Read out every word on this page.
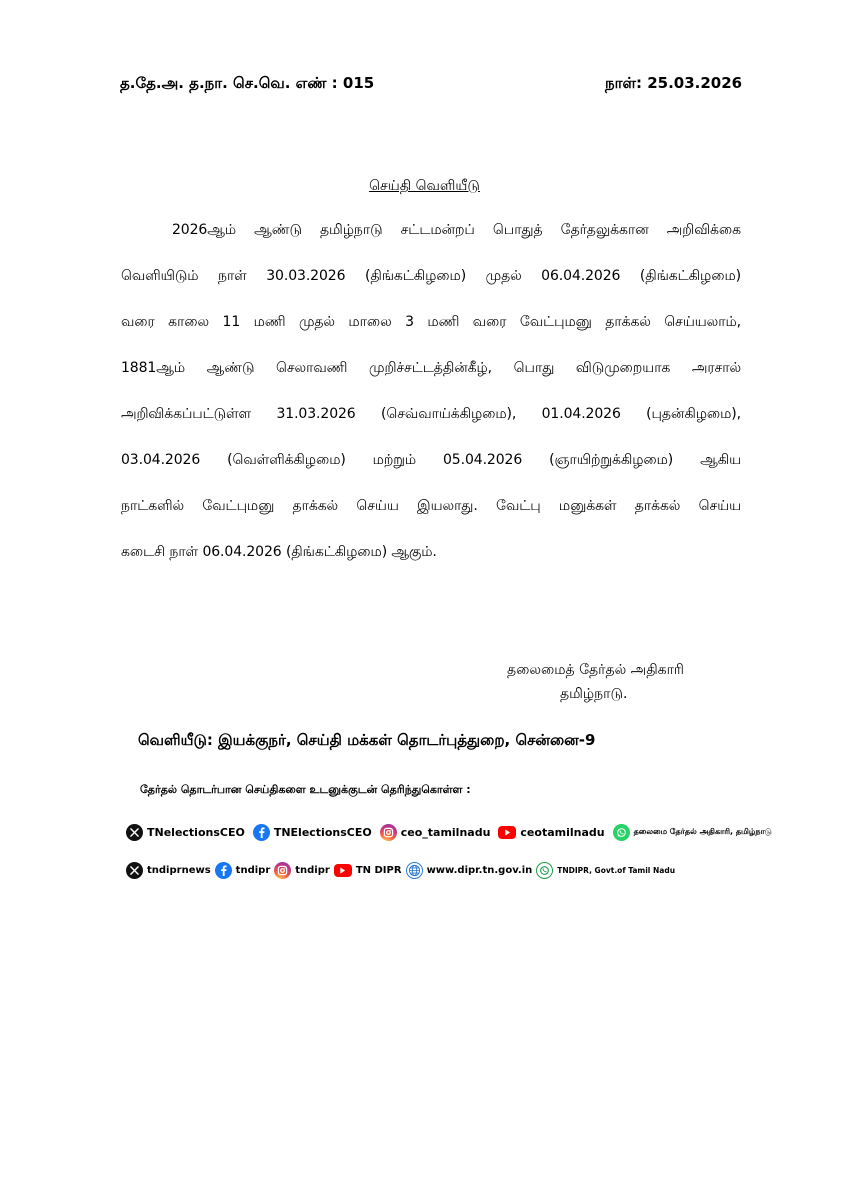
த.தே.அ. த.நா. செ.வெ. எண் : 015	நாள்: 25.03.2026
செய்தி வெளியீடு
2026ஆம் ஆண்டு தமிழ்நாடு சட்டமன்றப் பொதுத் தேர்தலுக்கான அறிவிக்கை
வெளியிடும் நாள் 30.03.2026 (திங்கட்கிழமை) முதல் 06.04.2026 (திங்கட்கிழமை)
வரை காலை 11 மணி முதல் மாலை 3 மணி வரை வேட்புமனு தாக்கல் செய்யலாம்,
1881ஆம் ஆண்டு செலாவணி முறிச்சட்டத்தின்கீழ், பொது விடுமுறையாக அரசால்
அறிவிக்கப்பட்டுள்ள 31.03.2026 (செவ்வாய்க்கிழமை), 01.04.2026 (புதன்கிழமை),
03.04.2026 (வெள்ளிக்கிழமை) மற்றும் 05.04.2026 (ஞாயிற்றுக்கிழமை) ஆகிய
நாட்களில் வேட்புமனு தாக்கல் செய்ய இயலாது. வேட்பு மனுக்கள் தாக்கல் செய்ய
கடைசி நாள் 06.04.2026 (திங்கட்கிழமை) ஆகும்.
தலைமைத் தேர்தல் அதிகாரி
தமிழ்நாடு.
வெளியீடு: இயக்குநர், செய்தி மக்கள் தொடர்புத்துறை, சென்னை-9
தேர்தல் தொடர்பான செய்திகளை உடனுக்குடன் தெரிந்துகொள்ள :
TNelectionsCEO	TNElectionsCEO	ceo_tamilnadu	ceotamilnadu	தலைமை தேர்தல் அதிகாரி, தமிழ்நாடு
tndiprnews	tndipr	tndipr	TN DIPR	www.dipr.tn.gov.in	TNDIPR, Govt.of Tamil Nadu
